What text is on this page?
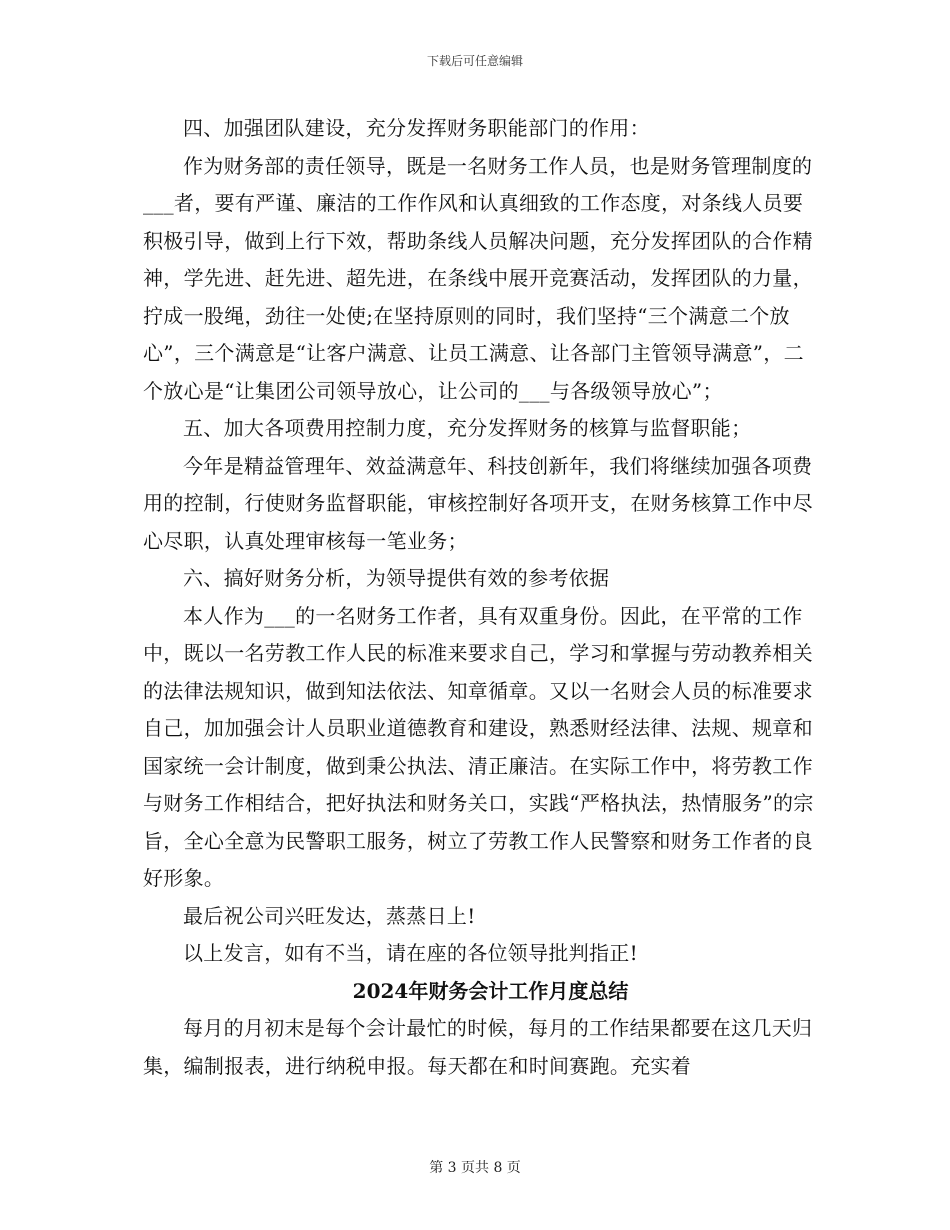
下载后可任意编辑

四、加强团队建设，充分发挥财务职能部门的作用：

作为财务部的责任领导，既是一名财务工作人员，也是财务管理制度的___者，要有严谨、廉洁的工作作风和认真细致的工作态度，对条线人员要积极引导，做到上行下效，帮助条线人员解决问题，充分发挥团队的合作精神，学先进、赶先进、超先进，在条线中展开竞赛活动，发挥团队的力量，拧成一股绳，劲往一处使;在坚持原则的同时，我们坚持“三个满意二个放心”，三个满意是“让客户满意、让员工满意、让各部门主管领导满意”，二个放心是“让集团公司领导放心，让公司的___与各级领导放心”；

五、加大各项费用控制力度，充分发挥财务的核算与监督职能；

今年是精益管理年、效益满意年、科技创新年，我们将继续加强各项费用的控制，行使财务监督职能，审核控制好各项开支，在财务核算工作中尽心尽职，认真处理审核每一笔业务；

六、搞好财务分析，为领导提供有效的参考依据

本人作为___的一名财务工作者，具有双重身份。因此，在平常的工作中，既以一名劳教工作人民的标准来要求自己，学习和掌握与劳动教养相关的法律法规知识，做到知法依法、知章循章。又以一名财会人员的标准要求自己，加加强会计人员职业道德教育和建设，熟悉财经法律、法规、规章和国家统一会计制度，做到秉公执法、清正廉洁。在实际工作中，将劳教工作与财务工作相结合，把好执法和财务关口，实践“严格执法，热情服务”的宗旨，全心全意为民警职工服务，树立了劳教工作人民警察和财务工作者的良好形象。

最后祝公司兴旺发达，蒸蒸日上!

以上发言，如有不当，请在座的各位领导批判指正!

2024年财务会计工作月度总结

每月的月初末是每个会计最忙的时候，每月的工作结果都要在这几天归集，编制报表，进行纳税申报。每天都在和时间赛跑。充实着

第 3 页共 8 页
